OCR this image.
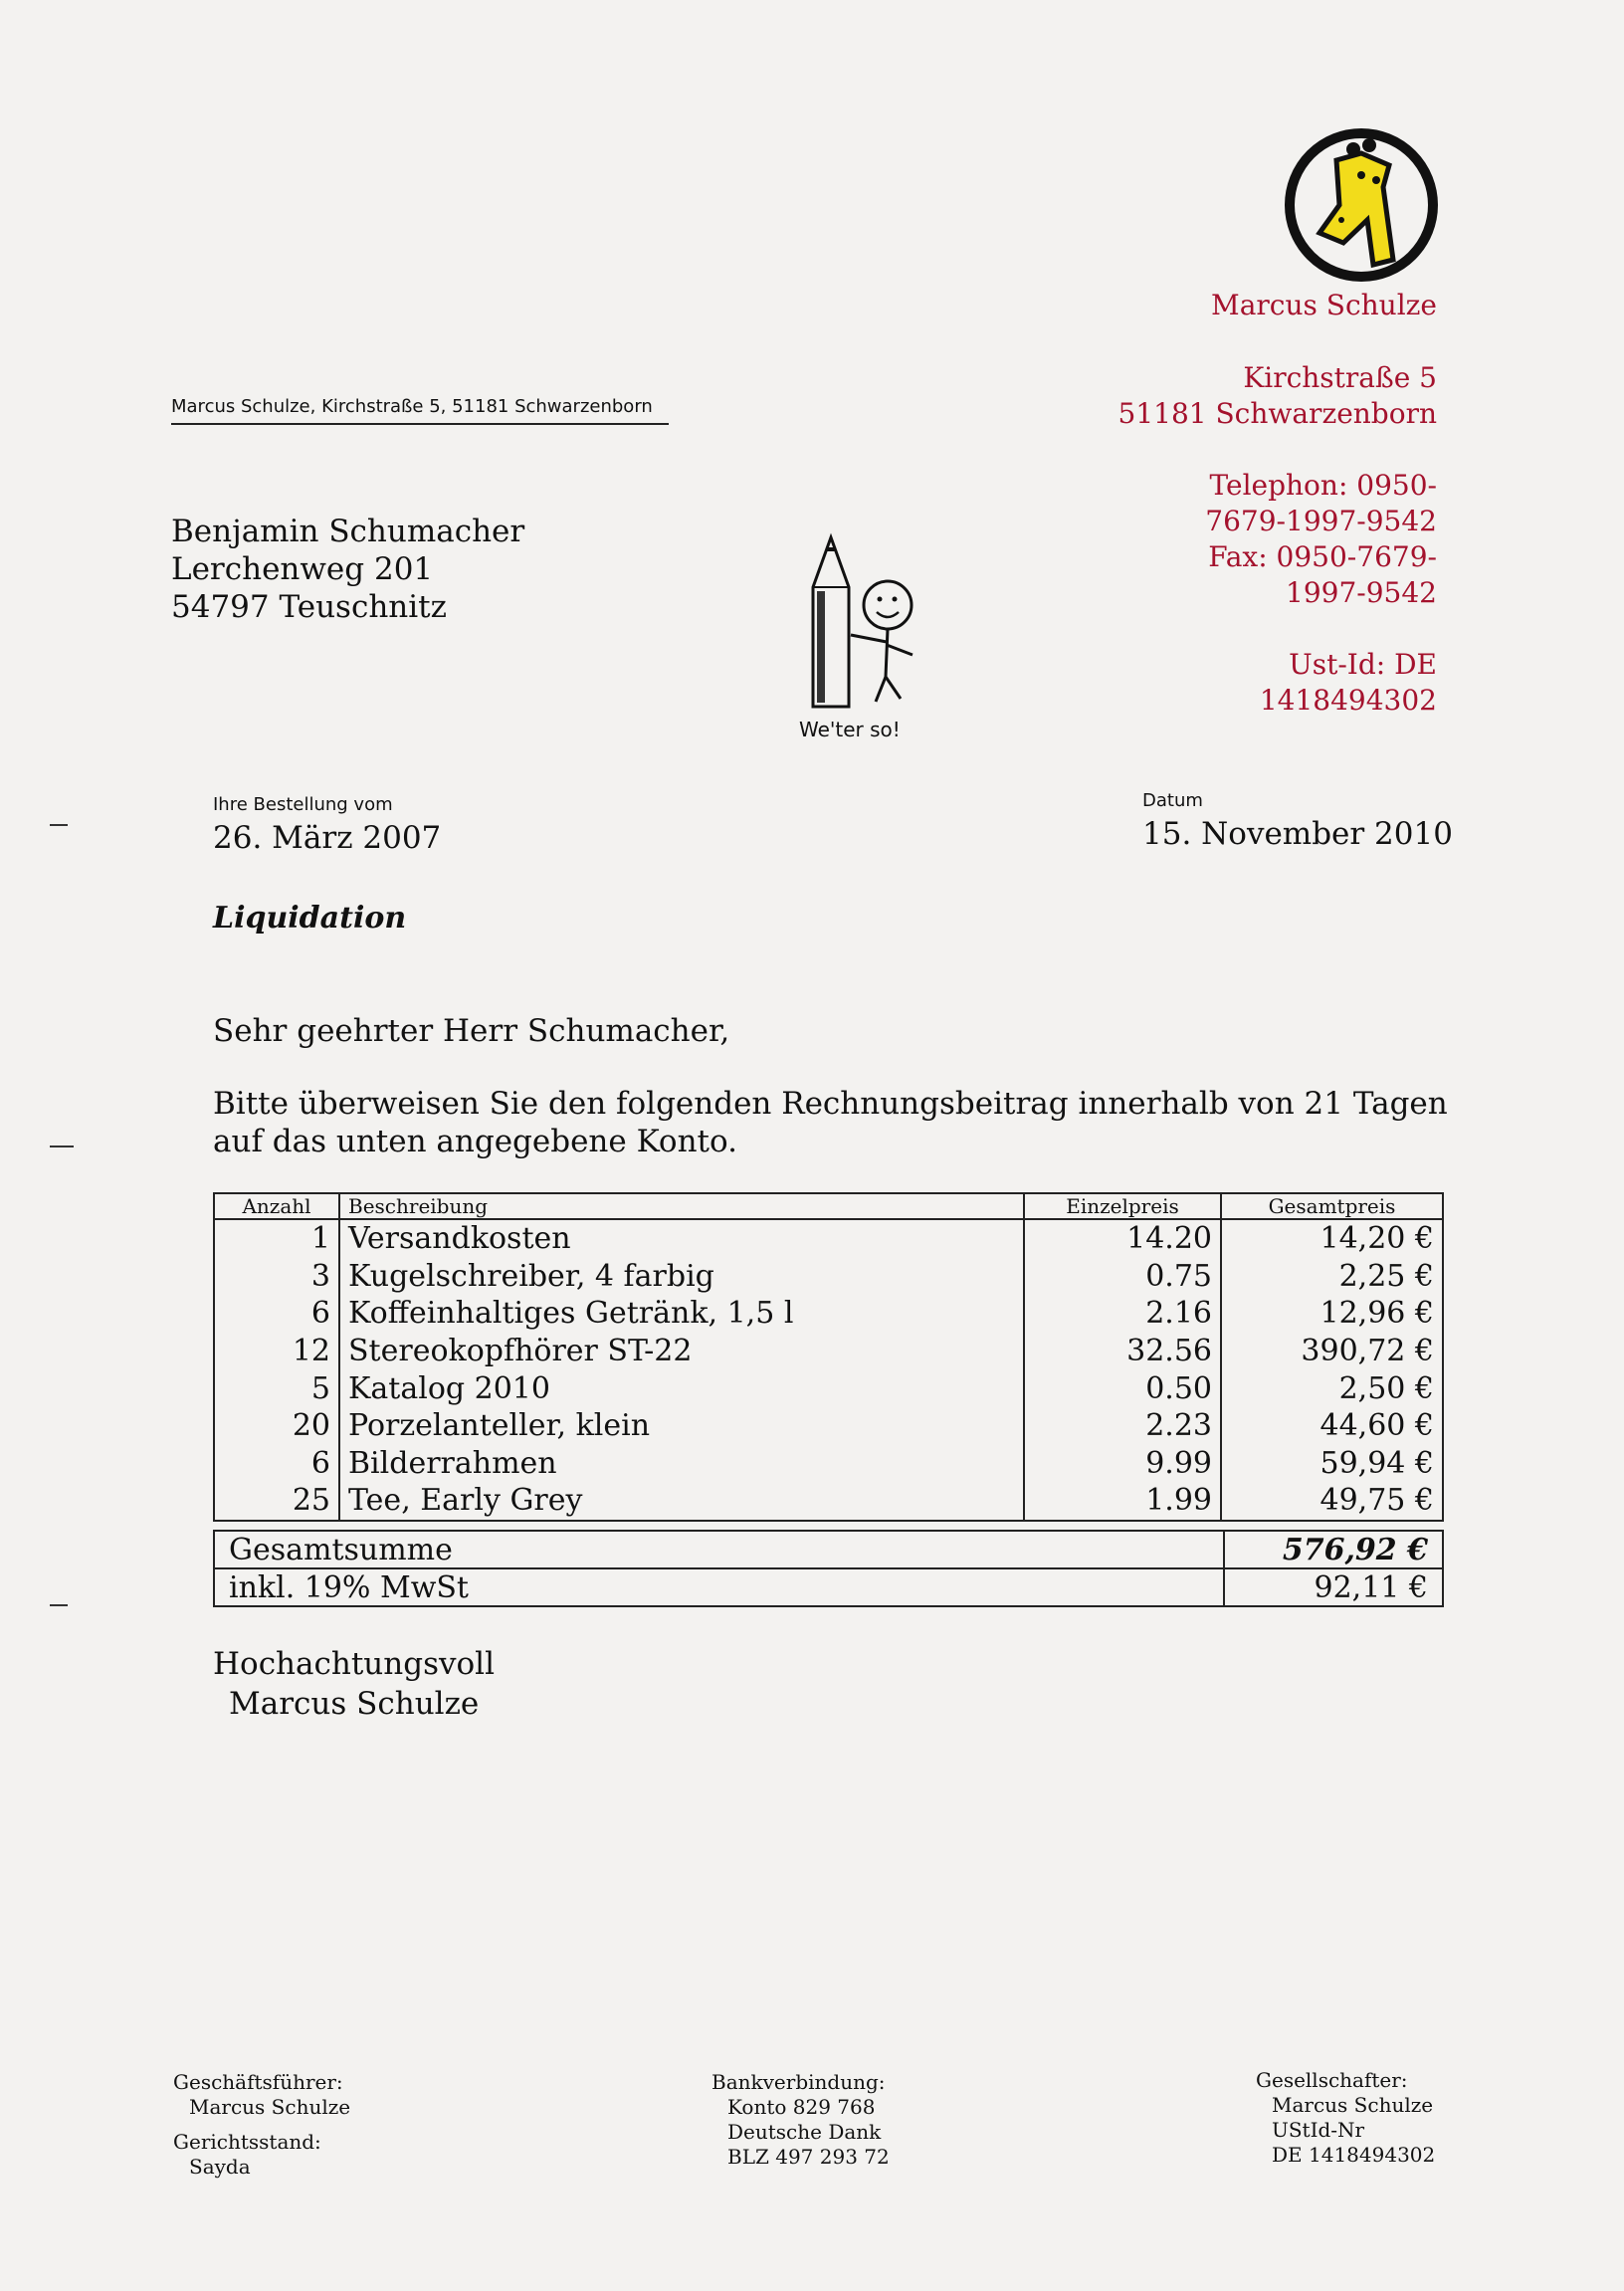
Marcus Schulze
Kirchstraße 5
51181 Schwarzenborn
Telephon: 0950-
7679-1997-9542
Fax: 0950-7679-
1997-9542
Ust-Id: DE
1418494302
Marcus Schulze, Kirchstraße 5, 51181 Schwarzenborn
Benjamin Schumacher
Lerchenweg 201
54797 Teuschnitz
We'ter so!
Ihre Bestellung vom
26. März 2007
Datum
15. November 2010
Liquidation
Sehr geehrter Herr Schumacher,
Bitte überweisen Sie den folgenden Rechnungsbeitrag innerhalb von 21 Tagen
auf das unten angegebene Konto.
Anzahl	Beschreibung	Einzelpreis	Gesamtpreis
1	Versandkosten	14.20	14,20 €
3	Kugelschreiber, 4 farbig	0.75	2,25 €
6	Koffeinhaltiges Getränk, 1,5 l	2.16	12,96 €
12	Stereokopfhörer ST-22	32.56	390,72 €
5	Katalog 2010	0.50	2,50 €
20	Porzelanteller, klein	2.23	44,60 €
6	Bilderrahmen	9.99	59,94 €
25	Tee, Early Grey	1.99	49,75 €
Gesamtsumme	576,92 €
inkl. 19% MwSt	92,11 €
Hochachtungsvoll
Marcus Schulze
Geschäftsführer:
Marcus Schulze
Gerichtsstand:
Sayda
Bankverbindung:
Konto 829 768
Deutsche Dank
BLZ 497 293 72
Gesellschafter:
Marcus Schulze
UStId-Nr
DE 1418494302
